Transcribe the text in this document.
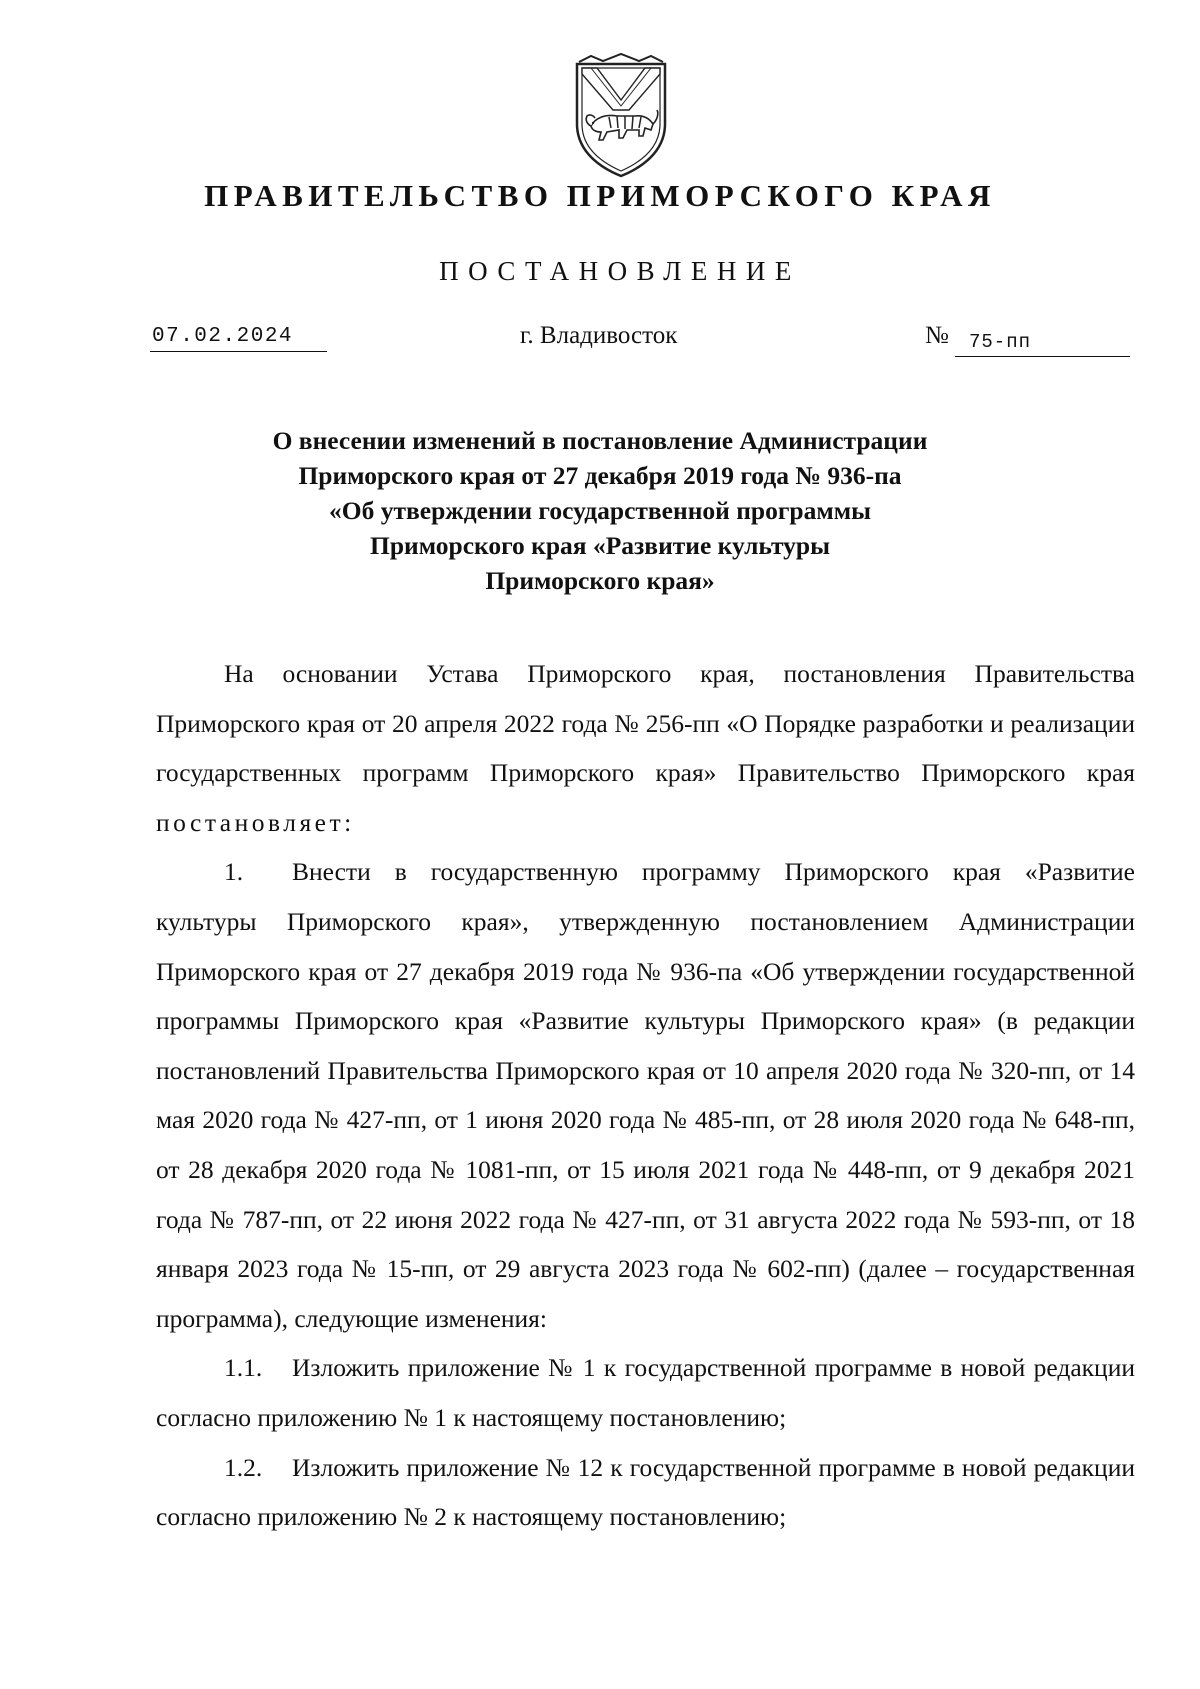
ПРАВИТЕЛЬСТВО ПРИМОРСКОГО КРАЯ
ПОСТАНОВЛЕНИЕ
07.02.2024	г. Владивосток	№	75-пп
О внесении изменений в постановление Администрации
Приморского края от 27 декабря 2019 года № 936-па
«Об утверждении государственной программы
Приморского края «Развитие культуры
Приморского края»

На основании Устава Приморского края, постановления Правительства Приморского края от 20 апреля 2022 года № 256-пп «О Порядке разработки и реализации государственных программ Приморского края» Правительство Приморского края постановляет:

1. Внести в государственную программу Приморского края «Развитие культуры Приморского края», утвержденную постановлением Администрации Приморского края от 27 декабря 2019 года № 936-па «Об утверждении государственной программы Приморского края «Развитие культуры Приморского края» (в редакции постановлений Правительства Приморского края от 10 апреля 2020 года № 320-пп, от 14 мая 2020 года № 427-пп, от 1 июня 2020 года № 485-пп, от 28 июля 2020 года № 648-пп, от 28 декабря 2020 года № 1081-пп, от 15 июля 2021 года № 448-пп, от 9 декабря 2021 года № 787-пп, от 22 июня 2022 года № 427-пп, от 31 августа 2022 года № 593-пп, от 18 января 2023 года № 15-пп, от 29 августа 2023 года № 602-пп) (далее – государственная программа), следующие изменения:

1.1. Изложить приложение № 1 к государственной программе в новой редакции согласно приложению № 1 к настоящему постановлению;

1.2. Изложить приложение № 12 к государственной программе в новой редакции согласно приложению № 2 к настоящему постановлению;
